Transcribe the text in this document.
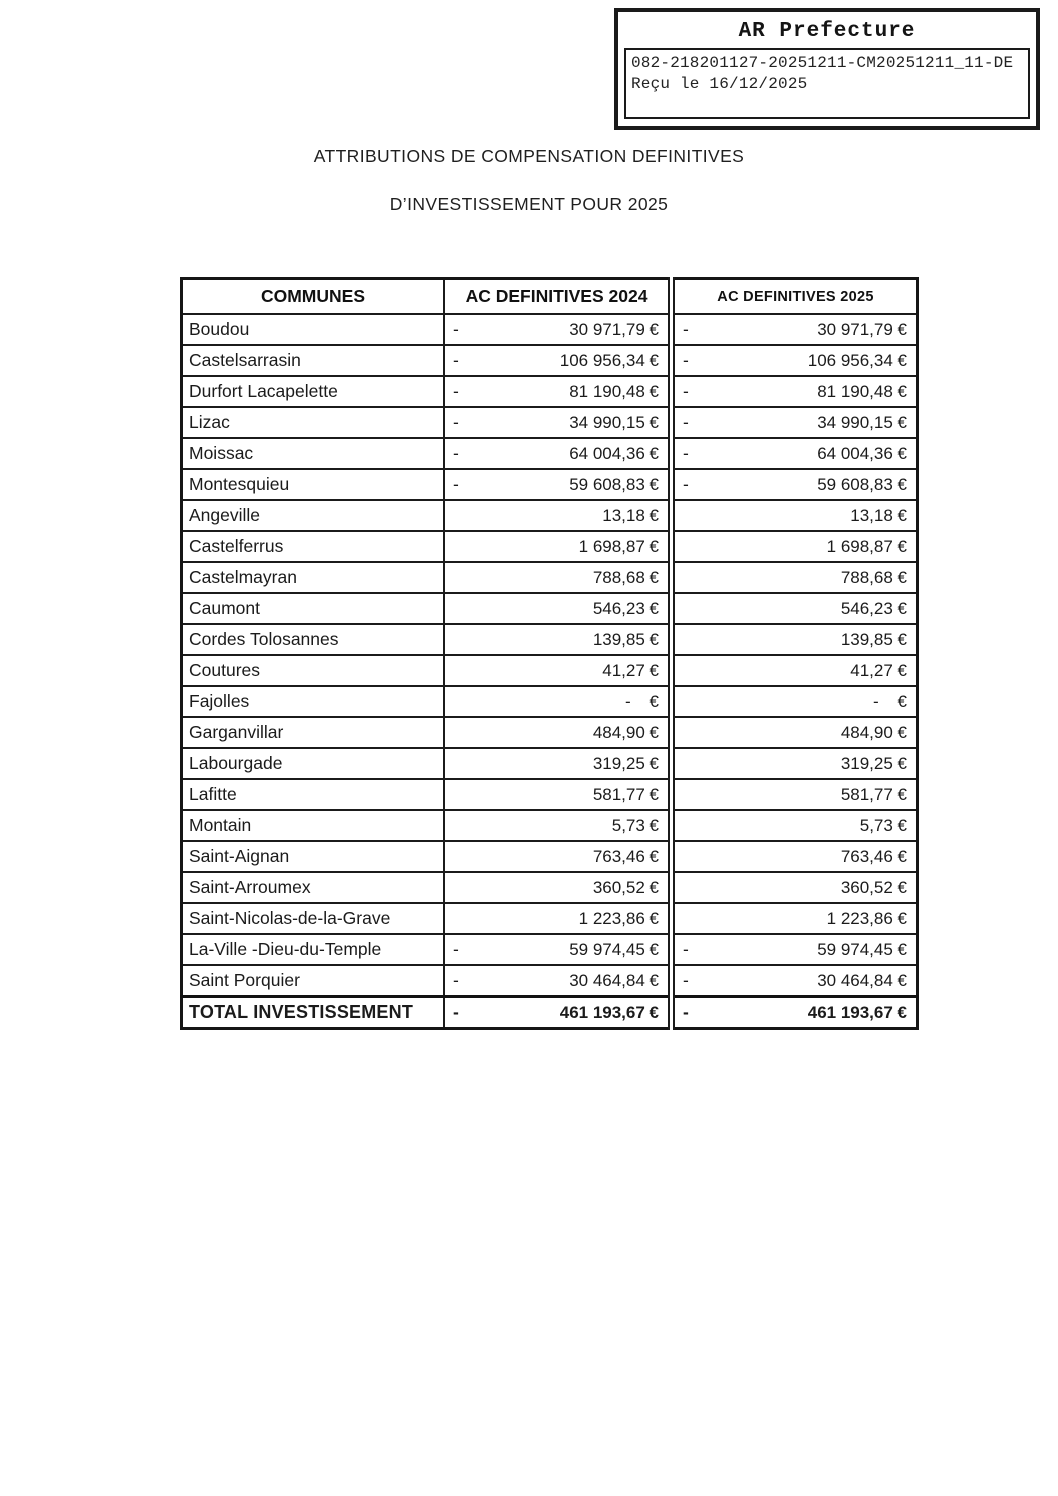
AR Prefecture
082-218201127-20251211-CM20251211_11-DE
Reçu le 16/12/2025
ATTRIBUTIONS DE COMPENSATION DEFINITIVES
D’INVESTISSEMENT POUR 2025
COMMUNES	AC DEFINITIVES 2024	AC DEFINITIVES 2025
Boudou	- 30 971,79 €	- 30 971,79 €
Castelsarrasin	- 106 956,34 €	- 106 956,34 €
Durfort Lacapelette	- 81 190,48 €	- 81 190,48 €
Lizac	- 34 990,15 €	- 34 990,15 €
Moissac	- 64 004,36 €	- 64 004,36 €
Montesquieu	- 59 608,83 €	- 59 608,83 €
Angeville	13,18 €	13,18 €
Castelferrus	1 698,87 €	1 698,87 €
Castelmayran	788,68 €	788,68 €
Caumont	546,23 €	546,23 €
Cordes Tolosannes	139,85 €	139,85 €
Coutures	41,27 €	41,27 €
Fajolles	-    €	-    €
Garganvillar	484,90 €	484,90 €
Labourgade	319,25 €	319,25 €
Lafitte	581,77 €	581,77 €
Montain	5,73 €	5,73 €
Saint-Aignan	763,46 €	763,46 €
Saint-Arroumex	360,52 €	360,52 €
Saint-Nicolas-de-la-Grave	1 223,86 €	1 223,86 €
La-Ville -Dieu-du-Temple	- 59 974,45 €	- 59 974,45 €
Saint Porquier	- 30 464,84 €	- 30 464,84 €
TOTAL INVESTISSEMENT	- 461 193,67 €	- 461 193,67 €
